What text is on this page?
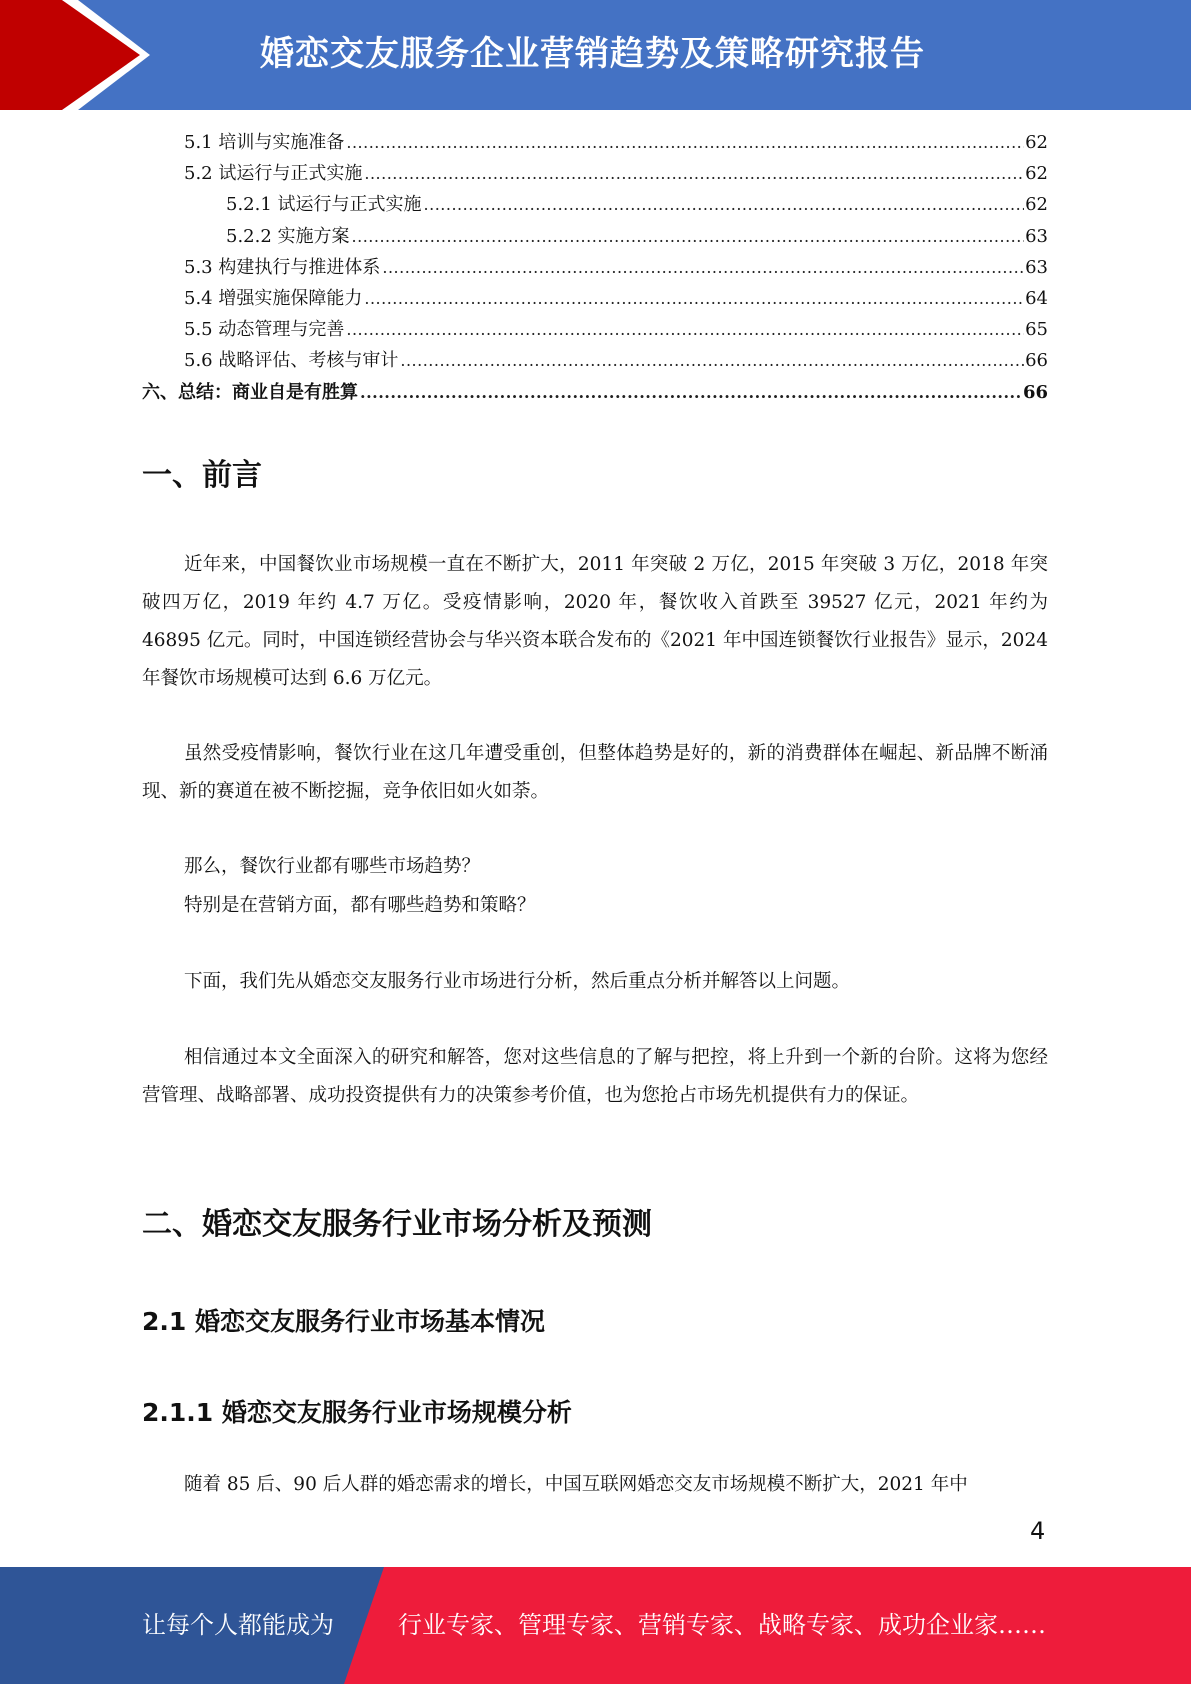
婚恋交友服务企业营销趋势及策略研究报告
5.1 培训与实施准备 .....	62
5.2 试运行与正式实施 .....	62
5.2.1 试运行与正式实施 .....	62
5.2.2 实施方案 .....	63
5.3 构建执行与推进体系 .....	63
5.4 增强实施保障能力 .....	64
5.5 动态管理与完善 .....	65
5.6 战略评估、考核与审计 .....	66
六、总结：商业自是有胜算 .....	66
一、前言

近年来，中国餐饮业市场规模一直在不断扩大，2011 年突破 2 万亿，2015 年突破 3 万亿，2018 年突破四万亿，2019 年约 4.7 万亿。受疫情影响，2020 年，餐饮收入首跌至 39527 亿元，2021 年约为 46895 亿元。同时，中国连锁经营协会与华兴资本联合发布的《2021 年中国连锁餐饮行业报告》显示，2024 年餐饮市场规模可达到 6.6 万亿元。

虽然受疫情影响，餐饮行业在这几年遭受重创，但整体趋势是好的，新的消费群体在崛起、新品牌不断涌现、新的赛道在被不断挖掘，竞争依旧如火如荼。

那么，餐饮行业都有哪些市场趋势？

特别是在营销方面，都有哪些趋势和策略？

下面，我们先从婚恋交友服务行业市场进行分析，然后重点分析并解答以上问题。

相信通过本文全面深入的研究和解答，您对这些信息的了解与把控，将上升到一个新的台阶。这将为您经营管理、战略部署、成功投资提供有力的决策参考价值，也为您抢占市场先机提供有力的保证。

二、婚恋交友服务行业市场分析及预测
2.1 婚恋交友服务行业市场基本情况
2.1.1 婚恋交友服务行业市场规模分析

随着 85 后、90 后人群的婚恋需求的增长，中国互联网婚恋交友市场规模不断扩大，2021 年中

4
让每个人都能成为	行业专家、管理专家、营销专家、战略专家、成功企业家……
